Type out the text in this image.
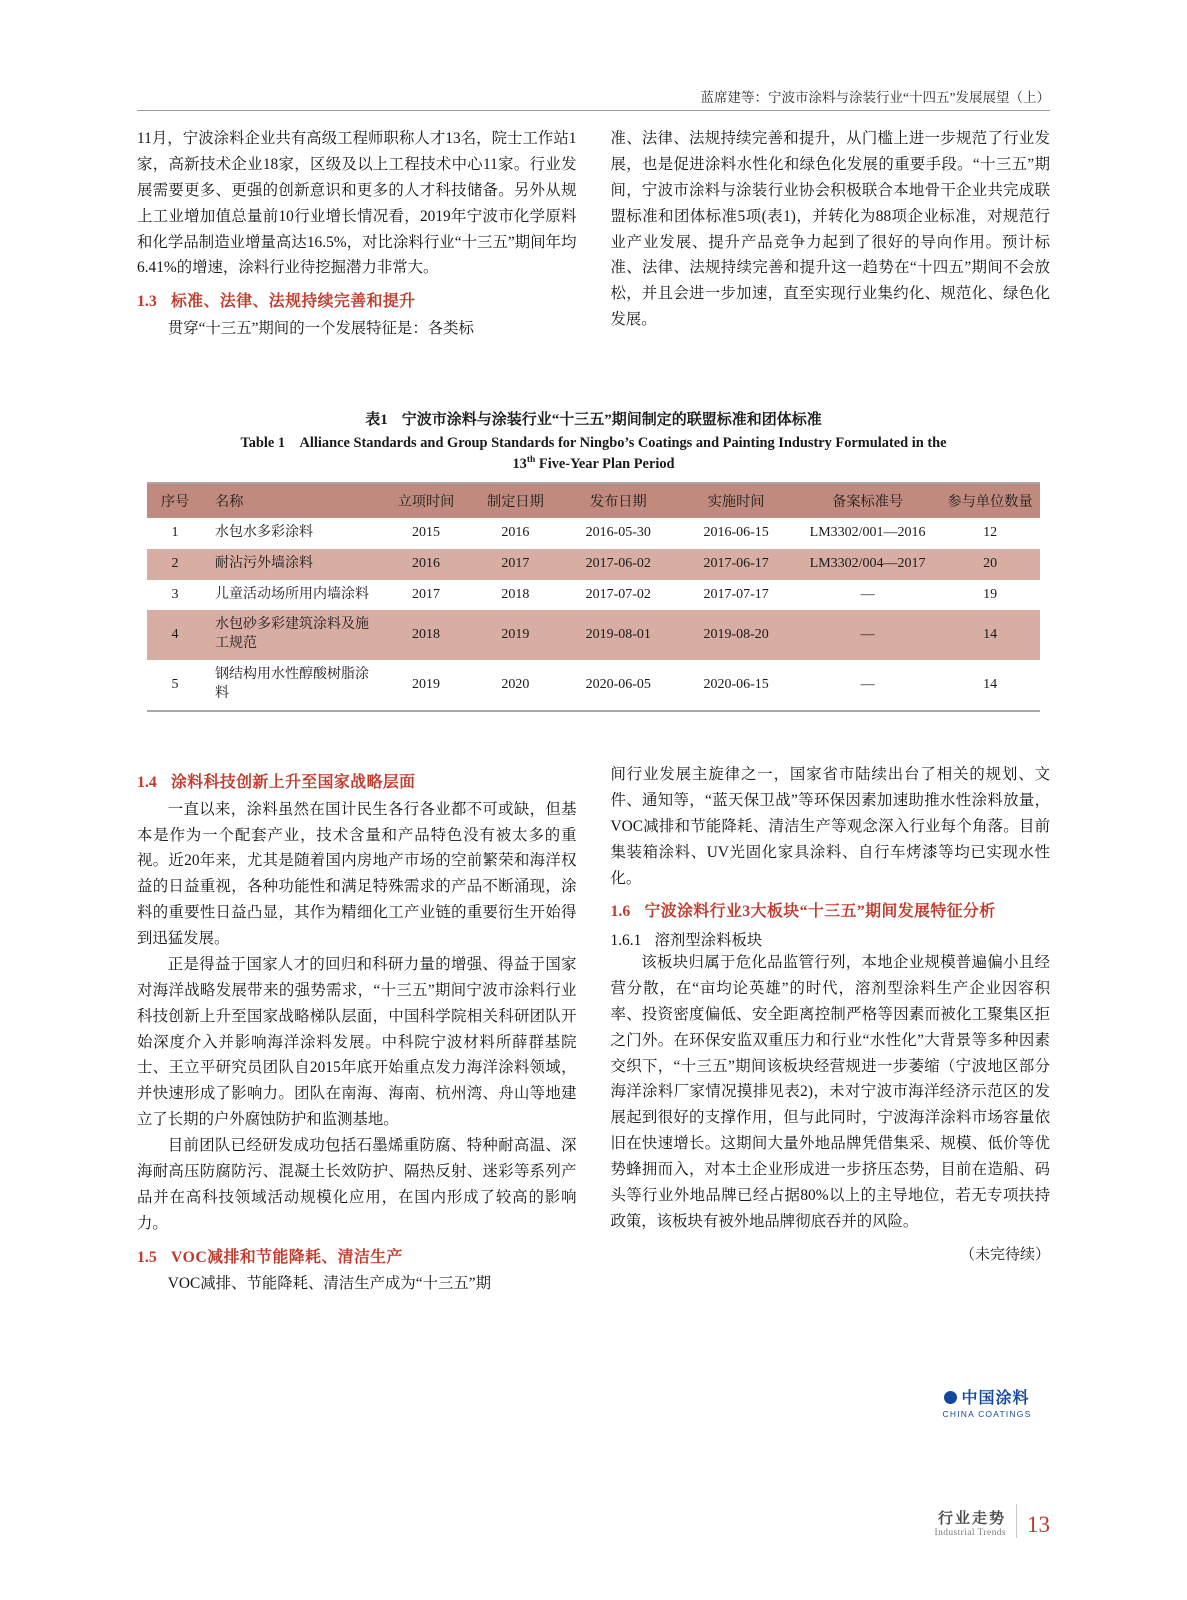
蓝席建等：宁波市涂料与涂装行业“十四五”发展展望（上）

11月，宁波涂料企业共有高级工程师职称人才13名，院士工作站1家，高新技术企业18家，区级及以上工程技术中心11家。行业发展需要更多、更强的创新意识和更多的人才科技储备。另外从规上工业增加值总量前10行业增长情况看，2019年宁波市化学原料和化学品制造业增量高达16.5%，对比涂料行业“十三五”期间年均6.41%的增速，涂料行业待挖掘潜力非常大。

1.3 标准、法律、法规持续完善和提升

贯穿“十三五”期间的一个发展特征是：各类标

准、法律、法规持续完善和提升，从门槛上进一步规范了行业发展，也是促进涂料水性化和绿色化发展的重要手段。“十三五”期间，宁波市涂料与涂装行业协会积极联合本地骨干企业共完成联盟标准和团体标准5项(表1)，并转化为88项企业标准，对规范行业产业发展、提升产品竞争力起到了很好的导向作用。预计标准、法律、法规持续完善和提升这一趋势在“十四五”期间不会放松，并且会进一步加速，直至实现行业集约化、规范化、绿色化发展。

表1 宁波市涂料与涂装行业“十三五”期间制定的联盟标准和团体标准
Table 1 Alliance Standards and Group Standards for Ningbo’s Coatings and Painting Industry Formulated in the
13th Five-Year Plan Period
序号	名称	立项时间	制定日期	发布日期	实施时间	备案标准号	参与单位数量
1	水包水多彩涂料	2015	2016	2016-05-30	2016-06-15	LM3302/001—2016	12
2	耐沾污外墙涂料	2016	2017	2017-06-02	2017-06-17	LM3302/004—2017	20
3	儿童活动场所用内墙涂料	2017	2018	2017-07-02	2017-07-17	—	19
4	水包砂多彩建筑涂料及施工规范	2018	2019	2019-08-01	2019-08-20	—	14
5	钢结构用水性醇酸树脂涂料	2019	2020	2020-06-05	2020-06-15	—	14
1.4 涂料科技创新上升至国家战略层面

一直以来，涂料虽然在国计民生各行各业都不可或缺，但基本是作为一个配套产业，技术含量和产品特色没有被太多的重视。近20年来，尤其是随着国内房地产市场的空前繁荣和海洋权益的日益重视，各种功能性和满足特殊需求的产品不断涌现，涂料的重要性日益凸显，其作为精细化工产业链的重要衍生开始得到迅猛发展。

正是得益于国家人才的回归和科研力量的增强、得益于国家对海洋战略发展带来的强势需求，“十三五”期间宁波市涂料行业科技创新上升至国家战略梯队层面，中国科学院相关科研团队开始深度介入并影响海洋涂料发展。中科院宁波材料所薛群基院士、王立平研究员团队自2015年底开始重点发力海洋涂料领域，并快速形成了影响力。团队在南海、海南、杭州湾、舟山等地建立了长期的户外腐蚀防护和监测基地。

目前团队已经研发成功包括石墨烯重防腐、特种耐高温、深海耐高压防腐防污、混凝土长效防护、隔热反射、迷彩等系列产品并在高科技领域活动规模化应用，在国内形成了较高的影响力。

1.5 VOC减排和节能降耗、清洁生产

VOC减排、节能降耗、清洁生产成为“十三五”期

间行业发展主旋律之一，国家省市陆续出台了相关的规划、文件、通知等，“蓝天保卫战”等环保因素加速助推水性涂料放量，VOC减排和节能降耗、清洁生产等观念深入行业每个角落。目前集装箱涂料、UV光固化家具涂料、自行车烤漆等均已实现水性化。

1.6 宁波涂料行业3大板块“十三五”期间发展特征分析
1.6.1 溶剂型涂料板块

该板块归属于危化品监管行列，本地企业规模普遍偏小且经营分散，在“亩均论英雄”的时代，溶剂型涂料生产企业因容积率、投资密度偏低、安全距离控制严格等因素而被化工聚集区拒之门外。在环保安监双重压力和行业“水性化”大背景等多种因素交织下，“十三五”期间该板块经营规进一步萎缩（宁波地区部分海洋涂料厂家情况摸排见表2)，未对宁波市海洋经济示范区的发展起到很好的支撑作用，但与此同时，宁波海洋涂料市场容量依旧在快速增长。这期间大量外地品牌凭借集采、规模、低价等优势蜂拥而入，对本土企业形成进一步挤压态势，目前在造船、码头等行业外地品牌已经占据80%以上的主导地位，若无专项扶持政策，该板块有被外地品牌彻底吞并的风险。

（未完待续）

中国涂料
CHINA COATINGS
行业走势
Industrial Trends 13
